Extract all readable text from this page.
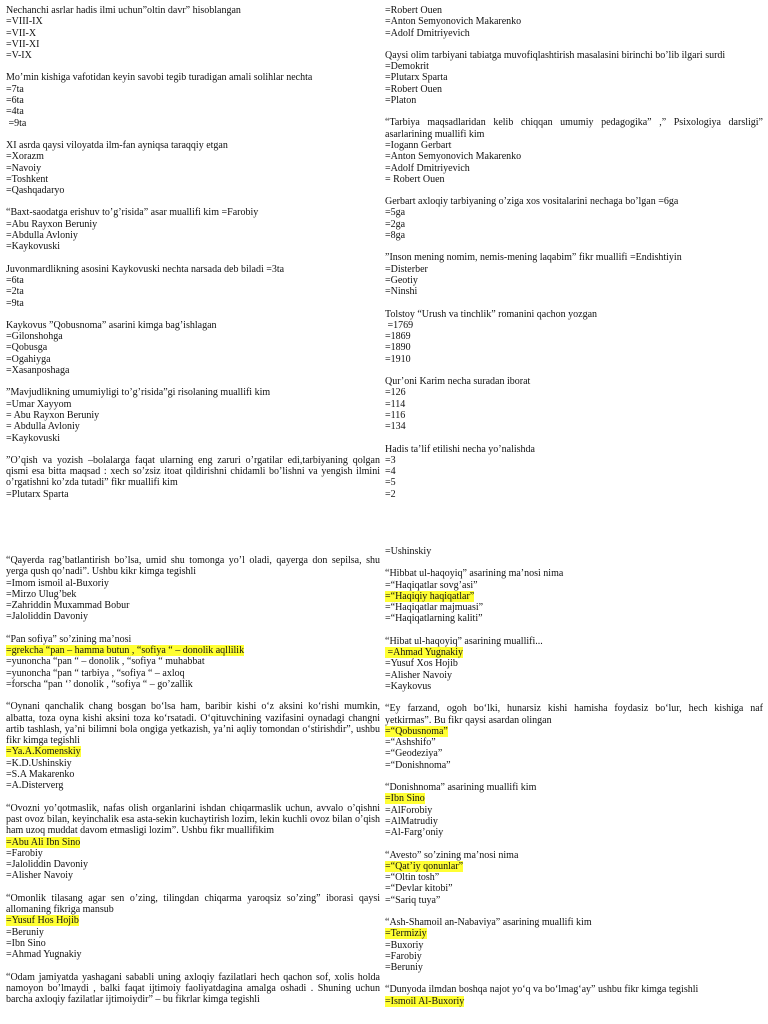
Nechanchi asrlar hadis ilmi uchun”oltin davr” hisoblangan
=VIII-IX
=VII-X
=VII-XI
=V-IX
Mo’min kishiga vafotidan keyin savobi tegib turadigan amali solihlar nechta
=7ta
=6ta
=4ta
=9ta
XI asrda qaysi viloyatda ilm-fan ayniqsa taraqqiy etgan
=Xorazm
=Navoiy
=Toshkent
=Qashqadaryo
“Baxt-saodatga erishuv to’g’risida” asar muallifi kim =Farobiy
=Abu Rayxon Beruniy
=Abdulla Avloniy
=Kaykovuski
Juvonmardlikning asosini Kaykovuski nechta narsada deb biladi =3ta
=6ta
=2ta
=9ta
Kaykovus ”Qobusnoma” asarini kimga bag’ishlagan
=Gilonshohga
=Qobusga
=Ogahiyga
=Xasanposhaga
”Mavjudlikning umumiyligi to’g’risida”gi risolaning muallifi kim
=Umar Xayyom
= Abu Rayxon Beruniy
= Abdulla Avloniy
=Kaykovuski
”O’qish va yozish –bolalarga faqat ularning eng zaruri o’rgatilar edi,tarbiyaning qolgan qismi esa bitta maqsad : xech so’zsiz itoat qildirishni chidamli bo’lishni va yengish ilmini o’rgatishni ko’zda tutadi” fikr muallifi kim
=Plutarx Sparta
“Qayerda rag’batlantirish bo’lsa, umid shu tomonga yo’l oladi, qayerga don sepilsa, shu yerga qush qo’nadi”. Ushbu kikr kimga tegishli
=Imom ismoil al-Buxoriy
=Mirzo Ulug’bek
=Zahriddin Muxammad Bobur
=Jaloliddin Davoniy
“Pan sofiya” so’zining ma’nosi
=grekcha “pan – hamma butun , “sofiya “ – donolik aqllilik
=yunoncha “pan “ – donolik , “sofiya “ muhabbat
=yunoncha “pan “ tarbiya , “sofiya “ – axloq
=forscha “pan ‘’ donolik , “sofiya “ – go’zallik
“Oynani qanchalik chang bosgan bo‘lsa ham, baribir kishi o‘z aksini ko‘rishi mumkin, albatta, toza oyna kishi aksini toza ko‘rsatadi. O‘qituvchining vazifasini oynadagi changni artib tashlash, ya’ni bilimni bola ongiga yetkazish, ya’ni aqliy tomondan o‘stirishdir”, ushbu fikr kimga tegishli
=Ya.A.Komenskiy
=K.D.Ushinskiy
=S.A Makarenko
=A.Disterverg
“Ovozni yo’qotmaslik, nafas olish organlarini ishdan chiqarmaslik uchun, avvalo o’qishni past ovoz bilan, keyinchalik esa asta-sekin kuchaytirish lozim, lekin kuchli ovoz bilan o’qish ham uzoq muddat davom etmasligi lozim”. Ushbu fikr muallifikim
=Abu Ali Ibn Sino
=Farobiy
=Jaloliddin Davoniy
=Alisher Navoiy
“Omonlik tilasang agar sen o’zing, tilingdan chiqarma yaroqsiz so’zing” iborasi qaysi allomaning fikriga mansub
=Yusuf Hos Hojib
=Beruniy
=Ibn Sino
=Ahmad Yugnakiy
“Odam jamiyatda yashagani sababli uning axloqiy fazilatlari hech qachon sof, xolis holda namoyon bo’lmaydi , balki faqat ijtimoiy faoliyatdagina amalga oshadi . Shuning uchun barcha axloqiy fazilatlar ijtimoiydir” – bu fikrlar kimga tegishli
=Robert Ouen
=Anton Semyonovich Makarenko
=Adolf Dmitriyevich
Qaysi olim tarbiyani tabiatga muvofiqlashtirish masalasini birinchi bo’lib ilgari surdi
=Demokrit
=Plutarx Sparta
=Robert Ouen
=Platon
“Tarbiya maqsadlaridan kelib chiqqan umumiy pedagogika” ,” Psixologiya darsligi” asarlarining muallifi kim
=Iogann Gerbart
=Anton Semyonovich Makarenko
=Adolf Dmitriyevich
= Robert Ouen
Gerbart axloqiy tarbiyaning o’ziga xos vositalarini nechaga bo’lgan =6ga
=5ga
=2ga
=8ga
”Inson mening nomim, nemis-mening laqabim” fikr muallifi =Endishtiyin
=Disterber
=Geotiy
=Ninshi
Tolstoy “Urush va tinchlik” romanini qachon yozgan
=1769
=1869
=1890
=1910
Qur’oni Karim necha suradan iborat
=126
=114
=116
=134
Hadis ta’lif etilishi necha yo’nalishda
=3
=4
=5
=2
=Ushinskiy
“Hibbat ul-haqoyiq” asarining ma’nosi nima
=“Haqiqatlar sovg’asi”
=“Haqiqiy haqiqatlar”
=“Haqiqatlar majmuasi”
=“Haqiqatlarning kaliti”
“Hibat ul-haqoyiq” asarining muallifi...
=Ahmad Yugnakiy
=Yusuf Xos Hojib
=Alisher Navoiy
=Kaykovus
“Ey farzand, ogoh bo‘lki, hunarsiz kishi hamisha foydasiz bo‘lur, hech kishiga naf yetkirmas”. Bu fikr qaysi asardan olingan
=“Qobusnoma”
=“Ashshifo”
=“Geodeziya”
=“Donishnoma”
“Donishnoma” asarining muallifi kim
=Ibn Sino
=AlForobiy
=AlMatrudiy
=Al-Farg’oniy
“Avesto” so’zining ma’nosi nima
=“Qat’iy qonunlar”
=“Oltin tosh”
=“Devlar kitobi”
=“Sariq tuya”
“Ash-Shamoil an-Nabaviya” asarining muallifi kim
=Termiziy
=Buxoriy
=Farobiy
=Beruniy
“Dunyoda ilmdan boshqa najot yo‘q va bo‘lmag‘ay” ushbu fikr kimga tegishli
=Ismoil Al-Buxoriy
